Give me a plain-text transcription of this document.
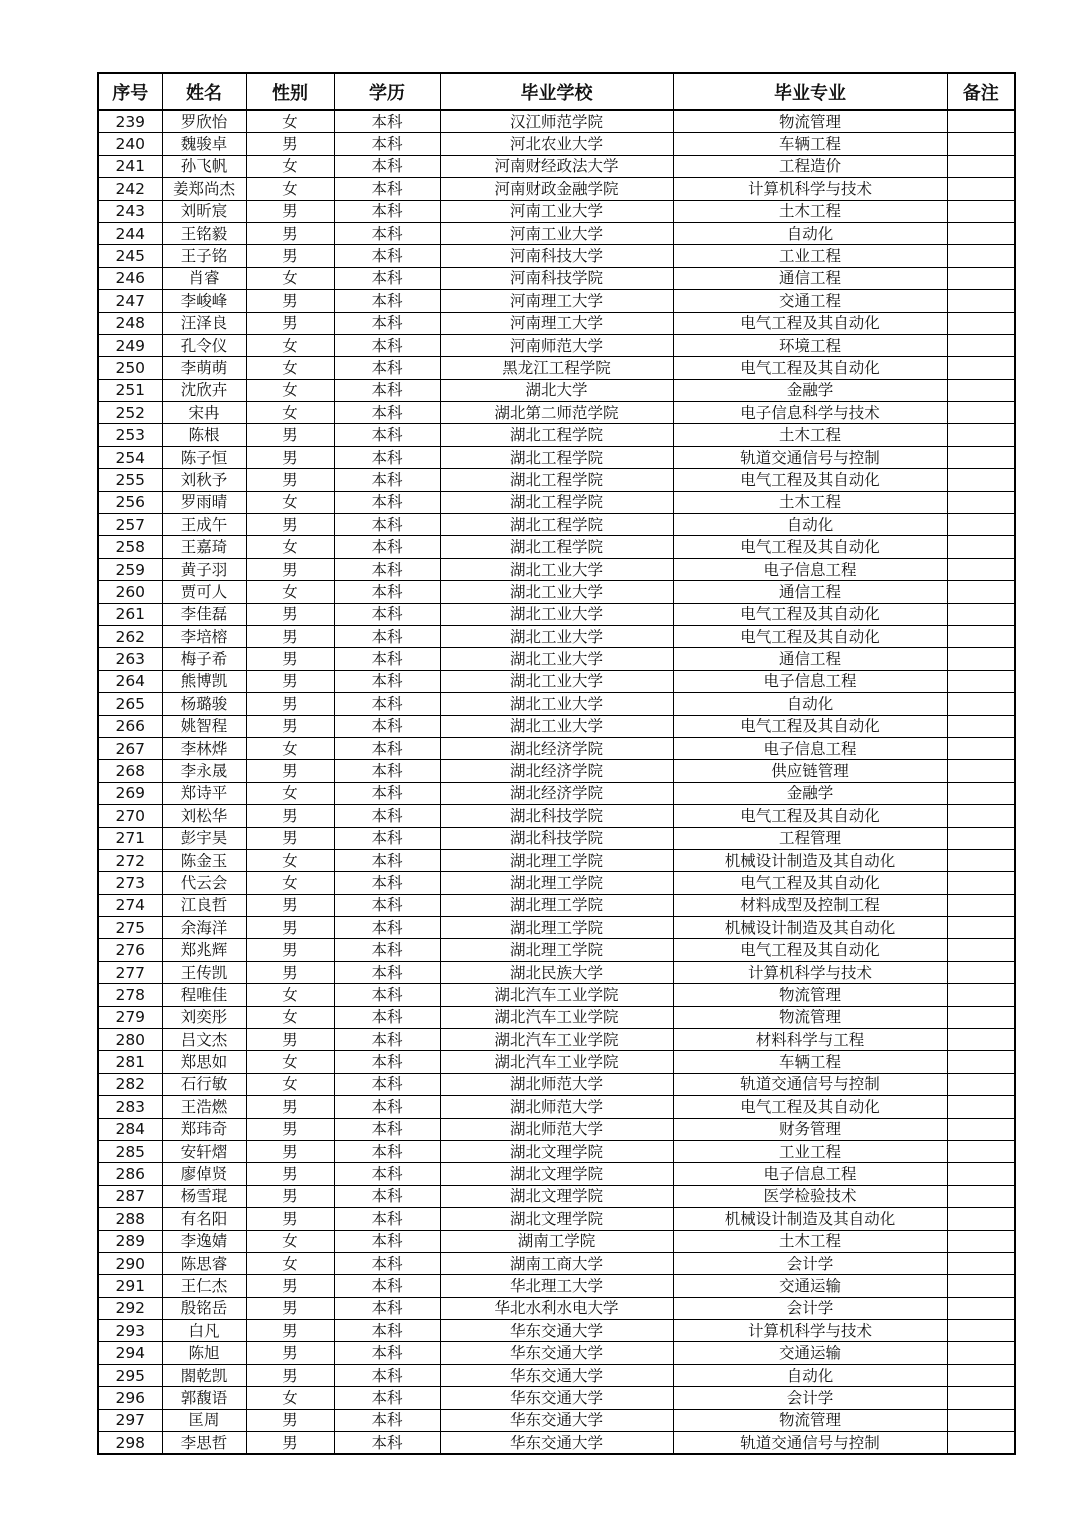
序号	姓名	性别	学历	毕业学校	毕业专业	备注
239	罗欣怡	女	本科	汉江师范学院	物流管理	
240	魏骏卓	男	本科	河北农业大学	车辆工程	
241	孙飞帆	女	本科	河南财经政法大学	工程造价	
242	姜郑尚杰	女	本科	河南财政金融学院	计算机科学与技术	
243	刘昕宸	男	本科	河南工业大学	土木工程	
244	王铭毅	男	本科	河南工业大学	自动化	
245	王子铭	男	本科	河南科技大学	工业工程	
246	肖睿	女	本科	河南科技学院	通信工程	
247	李峻峰	男	本科	河南理工大学	交通工程	
248	汪泽良	男	本科	河南理工大学	电气工程及其自动化	
249	孔令仪	女	本科	河南师范大学	环境工程	
250	李萌萌	女	本科	黑龙江工程学院	电气工程及其自动化	
251	沈欣卉	女	本科	湖北大学	金融学	
252	宋冉	女	本科	湖北第二师范学院	电子信息科学与技术	
253	陈根	男	本科	湖北工程学院	土木工程	
254	陈子恒	男	本科	湖北工程学院	轨道交通信号与控制	
255	刘秋予	男	本科	湖北工程学院	电气工程及其自动化	
256	罗雨晴	女	本科	湖北工程学院	土木工程	
257	王成午	男	本科	湖北工程学院	自动化	
258	王嘉琦	女	本科	湖北工程学院	电气工程及其自动化	
259	黄子羽	男	本科	湖北工业大学	电子信息工程	
260	贾可人	女	本科	湖北工业大学	通信工程	
261	李佳磊	男	本科	湖北工业大学	电气工程及其自动化	
262	李培榕	男	本科	湖北工业大学	电气工程及其自动化	
263	梅子希	男	本科	湖北工业大学	通信工程	
264	熊博凯	男	本科	湖北工业大学	电子信息工程	
265	杨璐骏	男	本科	湖北工业大学	自动化	
266	姚智程	男	本科	湖北工业大学	电气工程及其自动化	
267	李林烨	女	本科	湖北经济学院	电子信息工程	
268	李永晟	男	本科	湖北经济学院	供应链管理	
269	郑诗平	女	本科	湖北经济学院	金融学	
270	刘松华	男	本科	湖北科技学院	电气工程及其自动化	
271	彭宇昊	男	本科	湖北科技学院	工程管理	
272	陈金玉	女	本科	湖北理工学院	机械设计制造及其自动化	
273	代云会	女	本科	湖北理工学院	电气工程及其自动化	
274	江良哲	男	本科	湖北理工学院	材料成型及控制工程	
275	余海洋	男	本科	湖北理工学院	机械设计制造及其自动化	
276	郑兆辉	男	本科	湖北理工学院	电气工程及其自动化	
277	王传凯	男	本科	湖北民族大学	计算机科学与技术	
278	程唯佳	女	本科	湖北汽车工业学院	物流管理	
279	刘奕彤	女	本科	湖北汽车工业学院	物流管理	
280	吕文杰	男	本科	湖北汽车工业学院	材料科学与工程	
281	郑思如	女	本科	湖北汽车工业学院	车辆工程	
282	石行敏	女	本科	湖北师范大学	轨道交通信号与控制	
283	王浩燃	男	本科	湖北师范大学	电气工程及其自动化	
284	郑玮奇	男	本科	湖北师范大学	财务管理	
285	安轩熠	男	本科	湖北文理学院	工业工程	
286	廖倬贤	男	本科	湖北文理学院	电子信息工程	
287	杨雪琨	男	本科	湖北文理学院	医学检验技术	
288	有名阳	男	本科	湖北文理学院	机械设计制造及其自动化	
289	李逸婧	女	本科	湖南工学院	土木工程	
290	陈思睿	女	本科	湖南工商大学	会计学	
291	王仁杰	男	本科	华北理工大学	交通运输	
292	殷铭岳	男	本科	华北水利水电大学	会计学	
293	白凡	男	本科	华东交通大学	计算机科学与技术	
294	陈旭	男	本科	华东交通大学	交通运输	
295	閤乾凯	男	本科	华东交通大学	自动化	
296	郭馥语	女	本科	华东交通大学	会计学	
297	匡周	男	本科	华东交通大学	物流管理	
298	李思哲	男	本科	华东交通大学	轨道交通信号与控制	
